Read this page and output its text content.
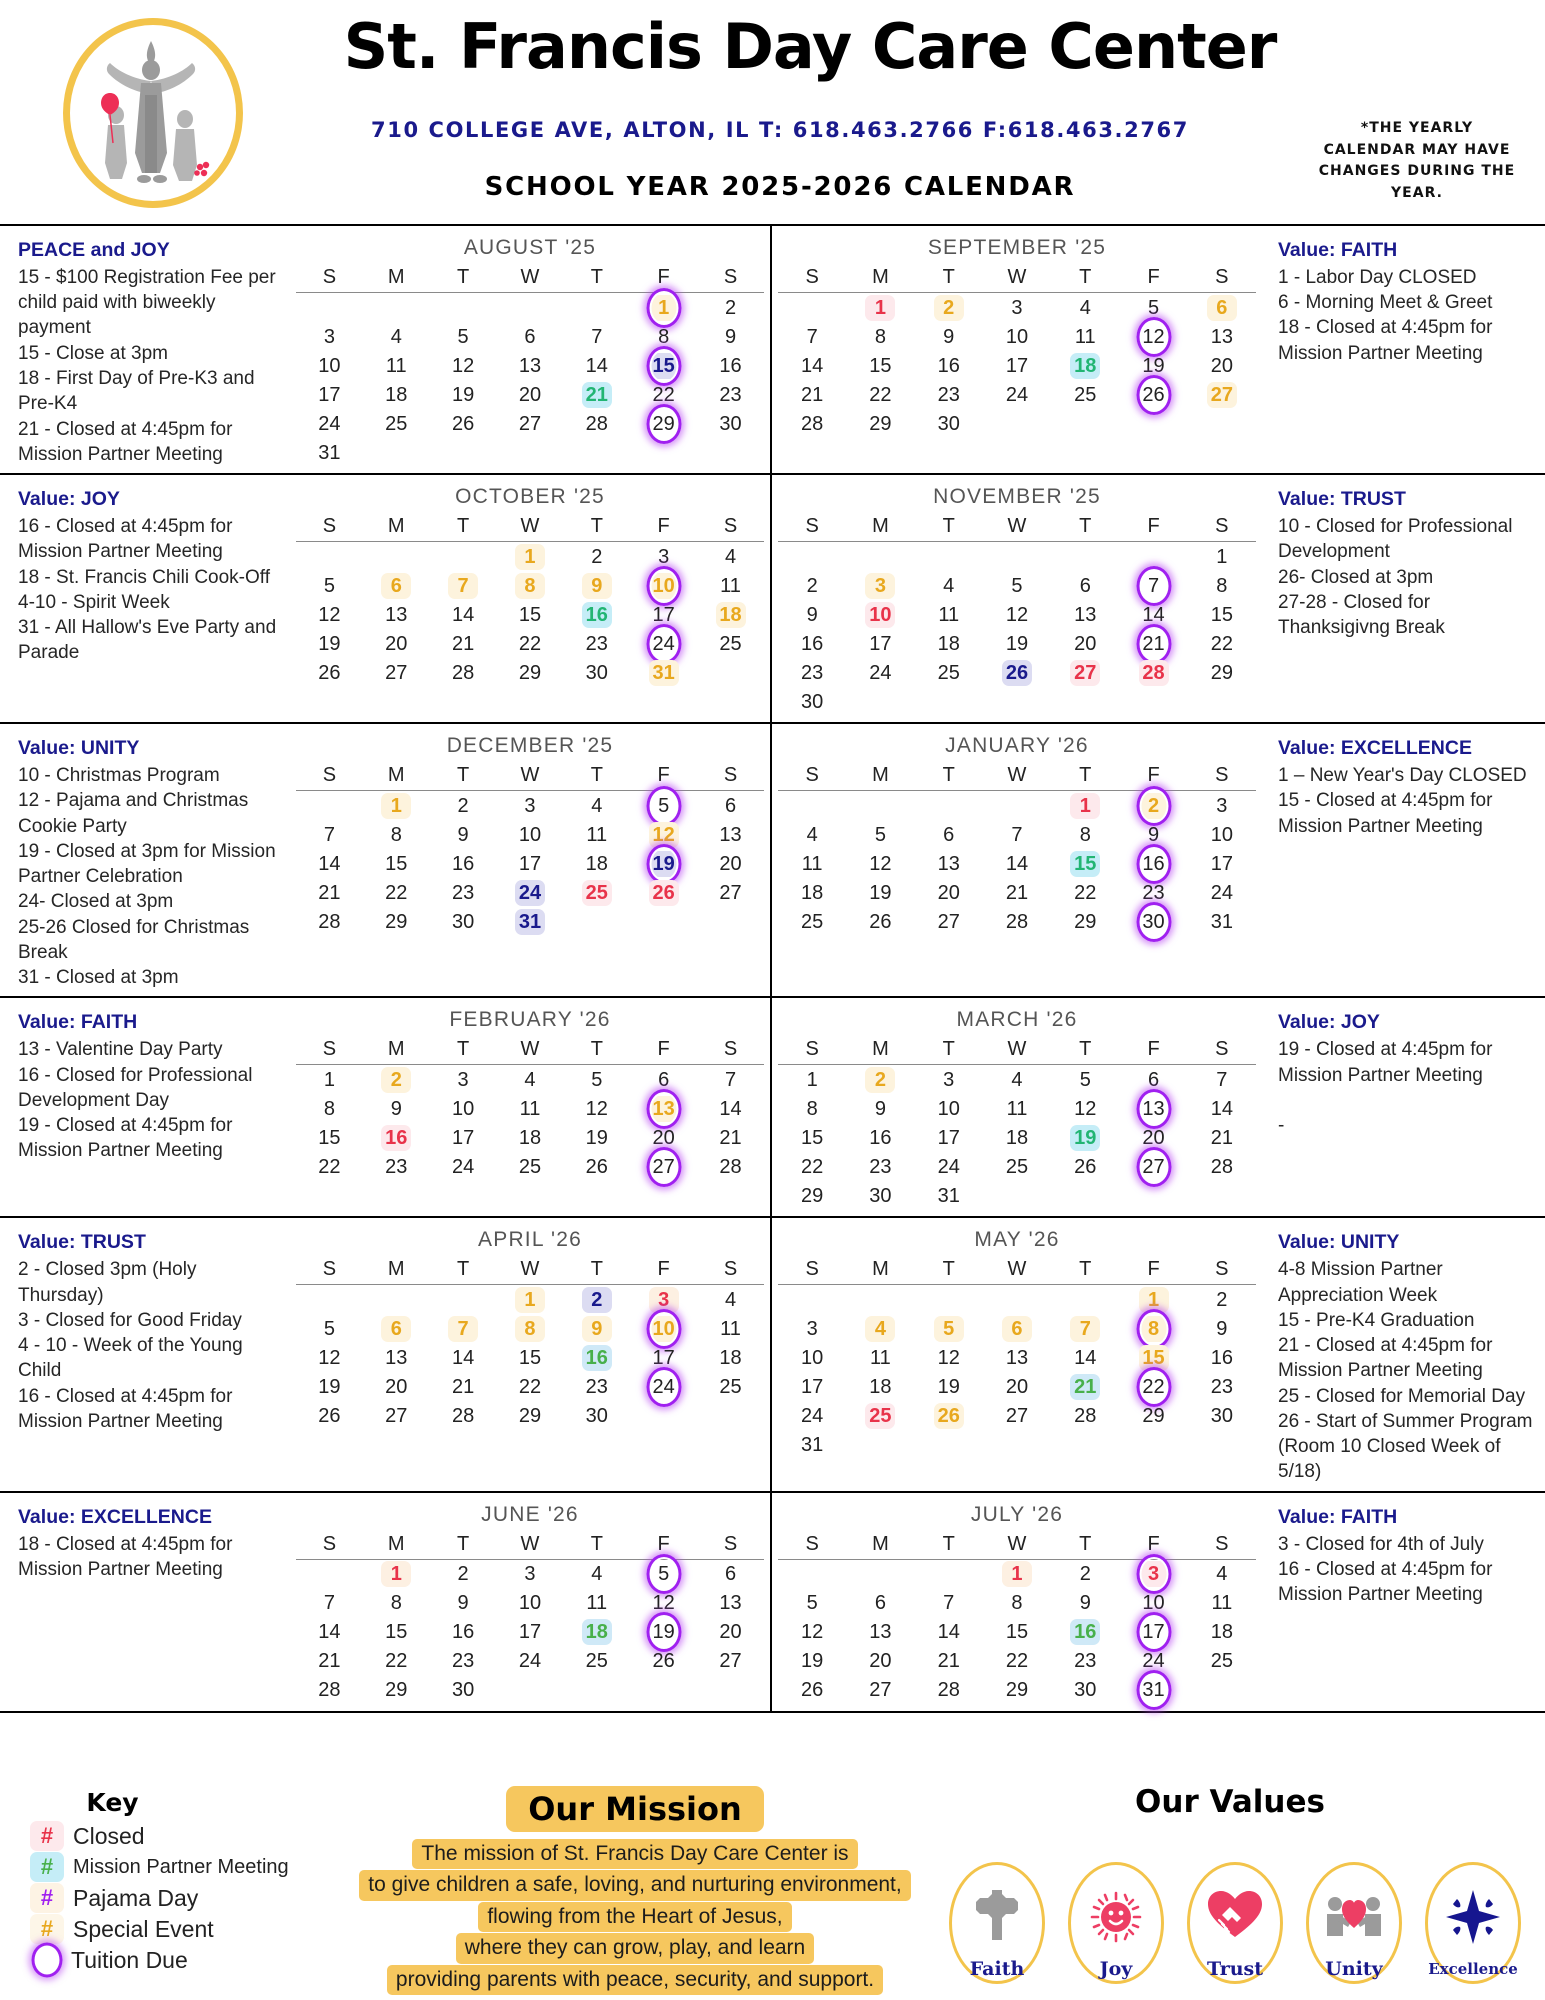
St. Francis Day Care Center
710 COLLEGE AVE, ALTON, IL T: 618.463.2766 F:618.463.2767
SCHOOL YEAR 2025-2026 CALENDAR
*THE YEARLY CALENDAR MAY HAVE CHANGES DURING THE YEAR.

PEACE and JOY

15 - $100 Registration Fee per child paid with biweekly payment

15 - Close at 3pm

18 - First Day of Pre-K3 and Pre-K4

21 - Closed at 4:45pm for Mission Partner Meeting

AUGUST '25
S	M	T	W	T	F	S
					1	2
3	4	5	6	7	8	9
10	11	12	13	14	15	16
17	18	19	20	21	22	23
24	25	26	27	28	29	30
31						
SEPTEMBER '25
S	M	T	W	T	F	S
	1	2	3	4	5	6
7	8	9	10	11	12	13
14	15	16	17	18	19	20
21	22	23	24	25	26	27
28	29	30				

Value: FAITH

1 - Labor Day CLOSED

6 - Morning Meet & Greet

18 - Closed at 4:45pm for Mission Partner Meeting

Value: JOY

16 - Closed at 4:45pm for Mission Partner Meeting

18 - St. Francis Chili Cook-Off

4-10 - Spirit Week

31 - All Hallow's Eve Party and Parade

OCTOBER '25
S	M	T	W	T	F	S
			1	2	3	4
5	6	7	8	9	10	11
12	13	14	15	16	17	18
19	20	21	22	23	24	25
26	27	28	29	30	31	
NOVEMBER '25
S	M	T	W	T	F	S
						1
2	3	4	5	6	7	8
9	10	11	12	13	14	15
16	17	18	19	20	21	22
23	24	25	26	27	28	29
30						

Value: TRUST

10 - Closed for Professional Development

26- Closed at 3pm

27-28 - Closed for Thanksigivng Break

Value: UNITY

10 - Christmas Program

12 - Pajama and Christmas Cookie Party

19 - Closed at 3pm for Mission Partner Celebration

24- Closed at 3pm

25-26 Closed for Christmas Break

31 - Closed at 3pm

DECEMBER '25
S	M	T	W	T	F	S
	1	2	3	4	5	6
7	8	9	10	11	12	13
14	15	16	17	18	19	20
21	22	23	24	25	26	27
28	29	30	31			
JANUARY '26
S	M	T	W	T	F	S
				1	2	3
4	5	6	7	8	9	10
11	12	13	14	15	16	17
18	19	20	21	22	23	24
25	26	27	28	29	30	31

Value: EXCELLENCE

1 – New Year's Day CLOSED

15 - Closed at 4:45pm for Mission Partner Meeting

Value: FAITH

13 - Valentine Day Party

16 - Closed for Professional Development Day

19 - Closed at 4:45pm for Mission Partner Meeting

FEBRUARY '26
S	M	T	W	T	F	S
1	2	3	4	5	6	7
8	9	10	11	12	13	14
15	16	17	18	19	20	21
22	23	24	25	26	27	28
MARCH '26
S	M	T	W	T	F	S
1	2	3	4	5	6	7
8	9	10	11	12	13	14
15	16	17	18	19	20	21
22	23	24	25	26	27	28
29	30	31				

Value: JOY

19 - Closed at 4:45pm for Mission Partner Meeting

-

Value: TRUST

2 - Closed 3pm (Holy Thursday)

3 - Closed for Good Friday

4 - 10 - Week of the Young Child

16 - Closed at 4:45pm for Mission Partner Meeting

APRIL '26
S	M	T	W	T	F	S
			1	2	3	4
5	6	7	8	9	10	11
12	13	14	15	16	17	18
19	20	21	22	23	24	25
26	27	28	29	30		
MAY '26
S	M	T	W	T	F	S
					1	2
3	4	5	6	7	8	9
10	11	12	13	14	15	16
17	18	19	20	21	22	23
24	25	26	27	28	29	30
31						

Value: UNITY

4-8 Mission Partner Appreciation Week

15 - Pre-K4 Graduation

21 - Closed at 4:45pm for Mission Partner Meeting

25 - Closed for Memorial Day

26 - Start of Summer Program (Room 10 Closed Week of 5/18)

Value: EXCELLENCE

18 - Closed at 4:45pm for Mission Partner Meeting

JUNE '26
S	M	T	W	T	F	S
	1	2	3	4	5	6
7	8	9	10	11	12	13
14	15	16	17	18	19	20
21	22	23	24	25	26	27
28	29	30				
JULY '26
S	M	T	W	T	F	S
			1	2	3	4
5	6	7	8	9	10	11
12	13	14	15	16	17	18
19	20	21	22	23	24	25
26	27	28	29	30	31	

Value: FAITH

3 - Closed for 4th of July

16 - Closed at 4:45pm for Mission Partner Meeting

Key
# Closed
# Mission Partner Meeting
# Pajama Day
# Special Event
Tuition Due
Our Mission
The mission of St. Francis Day Care Center is
to give children a safe, loving, and nurturing environment,
flowing from the Heart of Jesus,
where they can grow, play, and learn
providing parents with peace, security, and support.
Our Values
Faith	Joy	Trust	Unity	Excellence
